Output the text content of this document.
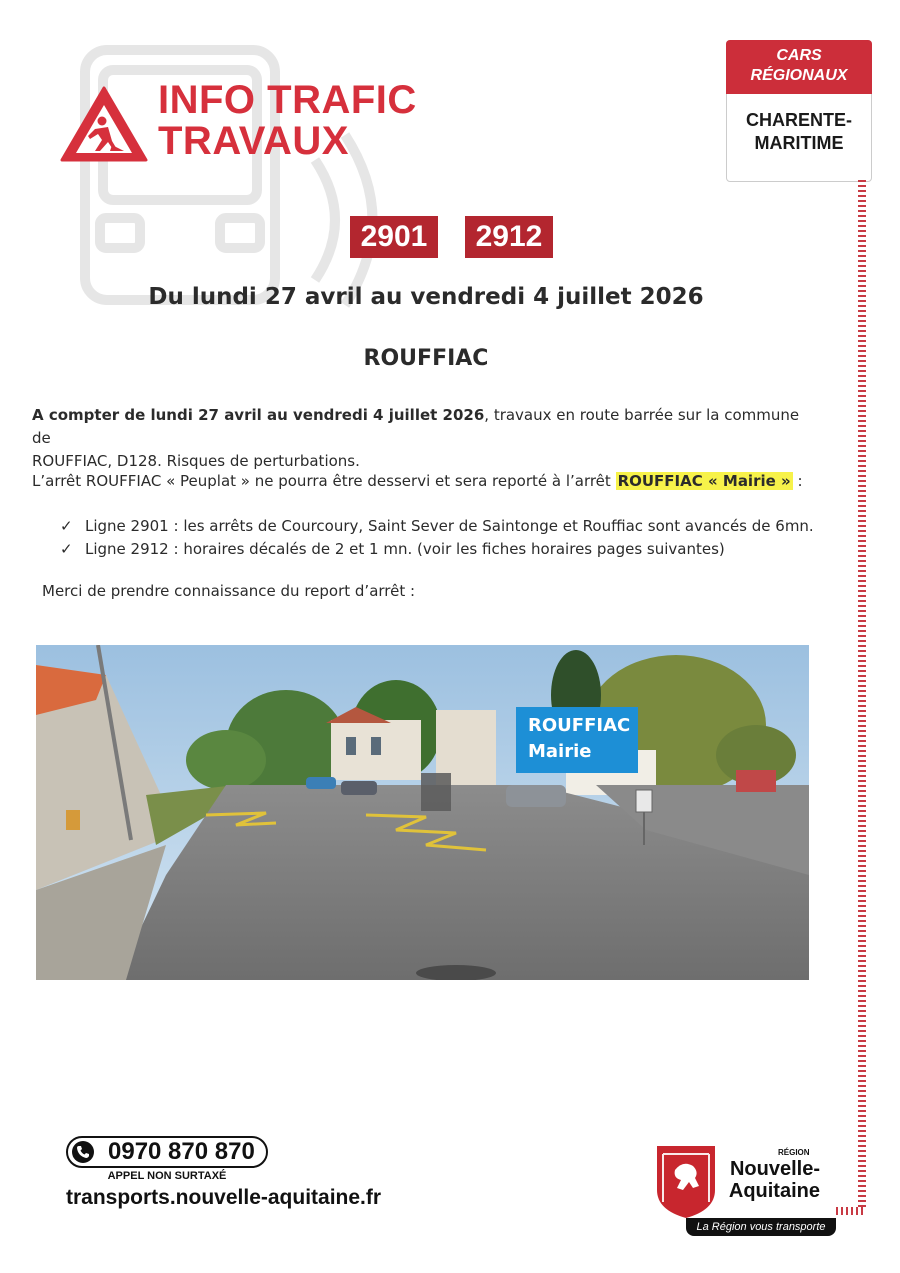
INFO TRAFIC
TRAVAUX
CARS
RÉGIONAUX
CHARENTE-
MARITIME
2901	2912
Du lundi 27 avril au vendredi 4 juillet 2026
ROUFFIAC
A compter de lundi 27 avril au vendredi 4 juillet 2026, travaux en route barrée sur la commune de
ROUFFIAC, D128. Risques de perturbations.
L’arrêt ROUFFIAC « Peuplat » ne pourra être desservi et sera reporté à l’arrêt ROUFFIAC « Mairie » :
✓ Ligne 2901 : les arrêts de Courcoury, Saint Sever de Saintonge et Rouffiac sont avancés de 6mn.
✓ Ligne 2912 : horaires décalés de 2 et 1 mn. (voir les fiches horaires pages suivantes)
Merci de prendre connaissance du report d’arrêt :
ROUFFIAC
Mairie
0970 870 870
APPEL NON SURTAXÉ
transports.nouvelle-aquitaine.fr
RÉGION
Nouvelle-
Aquitaine
La Région vous transporte
